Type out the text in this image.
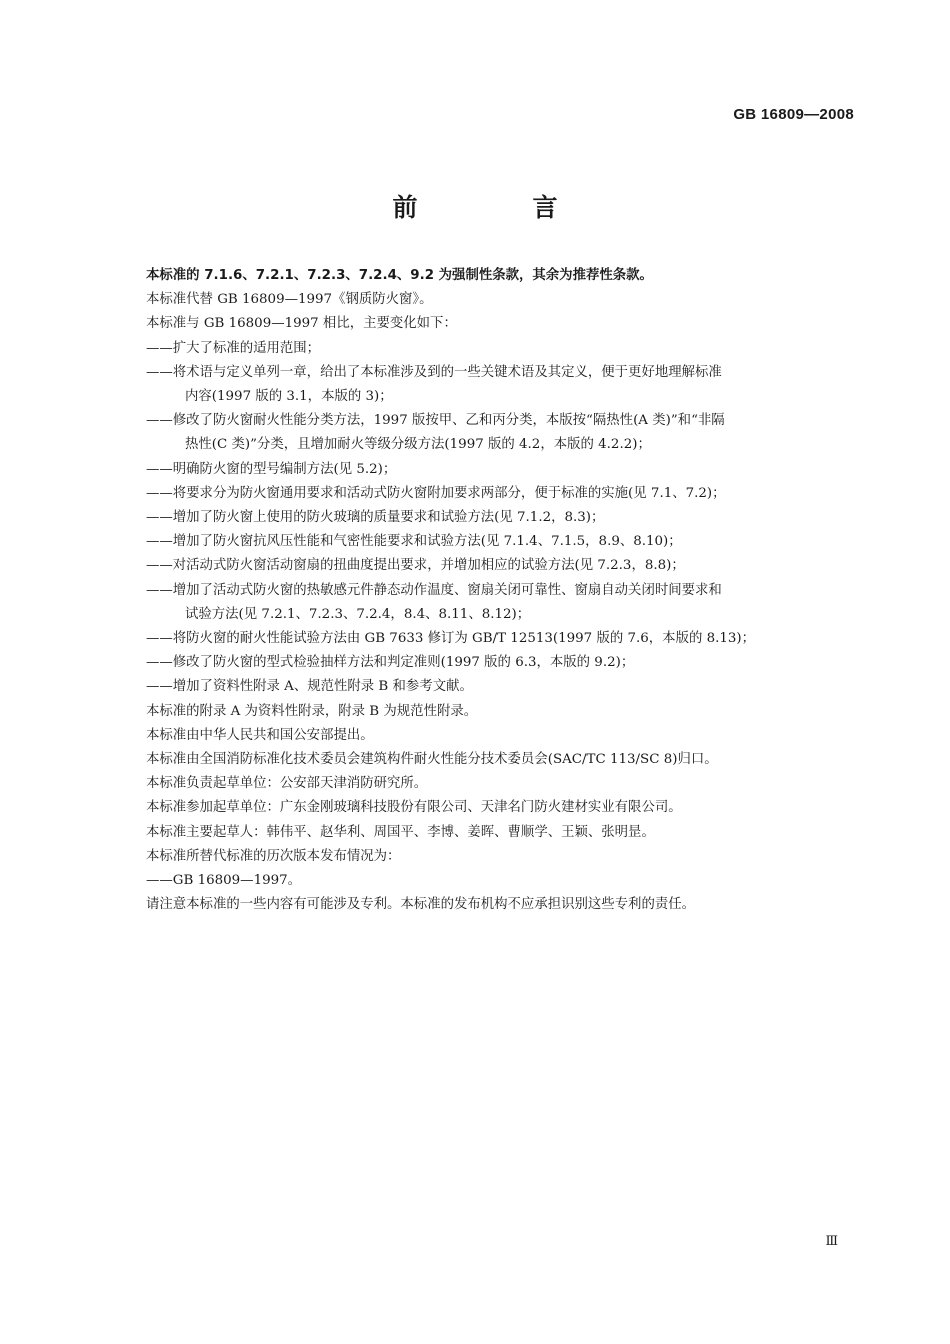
GB 16809—2008
前　言

本标准的 7.1.6、7.2.1、7.2.3、7.2.4、9.2 为强制性条款，其余为推荐性条款。

本标准代替 GB 16809—1997《钢质防火窗》。

本标准与 GB 16809—1997 相比，主要变化如下：

——扩大了标准的适用范围；

——将术语与定义单列一章，给出了本标准涉及到的一些关键术语及其定义，便于更好地理解标准
内容(1997 版的 3.1，本版的 3)；

——修改了防火窗耐火性能分类方法，1997 版按甲、乙和丙分类，本版按“隔热性(A 类)”和“非隔
热性(C 类)”分类，且增加耐火等级分级方法(1997 版的 4.2，本版的 4.2.2)；

——明确防火窗的型号编制方法(见 5.2)；

——将要求分为防火窗通用要求和活动式防火窗附加要求两部分，便于标准的实施(见 7.1、7.2)；

——增加了防火窗上使用的防火玻璃的质量要求和试验方法(见 7.1.2，8.3)；

——增加了防火窗抗风压性能和气密性能要求和试验方法(见 7.1.4、7.1.5，8.9、8.10)；

——对活动式防火窗活动窗扇的扭曲度提出要求，并增加相应的试验方法(见 7.2.3，8.8)；

——增加了活动式防火窗的热敏感元件静态动作温度、窗扇关闭可靠性、窗扇自动关闭时间要求和
试验方法(见 7.2.1、7.2.3、7.2.4，8.4、8.11、8.12)；

——将防火窗的耐火性能试验方法由 GB 7633 修订为 GB/T 12513(1997 版的 7.6，本版的 8.13)；

——修改了防火窗的型式检验抽样方法和判定准则(1997 版的 6.3，本版的 9.2)；

——增加了资料性附录 A、规范性附录 B 和参考文献。

本标准的附录 A 为资料性附录，附录 B 为规范性附录。

本标准由中华人民共和国公安部提出。

本标准由全国消防标准化技术委员会建筑构件耐火性能分技术委员会(SAC/TC 113/SC 8)归口。

本标准负责起草单位：公安部天津消防研究所。

本标准参加起草单位：广东金刚玻璃科技股份有限公司、天津名门防火建材实业有限公司。

本标准主要起草人：韩伟平、赵华利、周国平、李博、姜晖、曹顺学、王颖、张明昰。

本标准所替代标准的历次版本发布情况为：

——GB 16809—1997。

请注意本标准的一些内容有可能涉及专利。本标准的发布机构不应承担识别这些专利的责任。

Ⅲ
